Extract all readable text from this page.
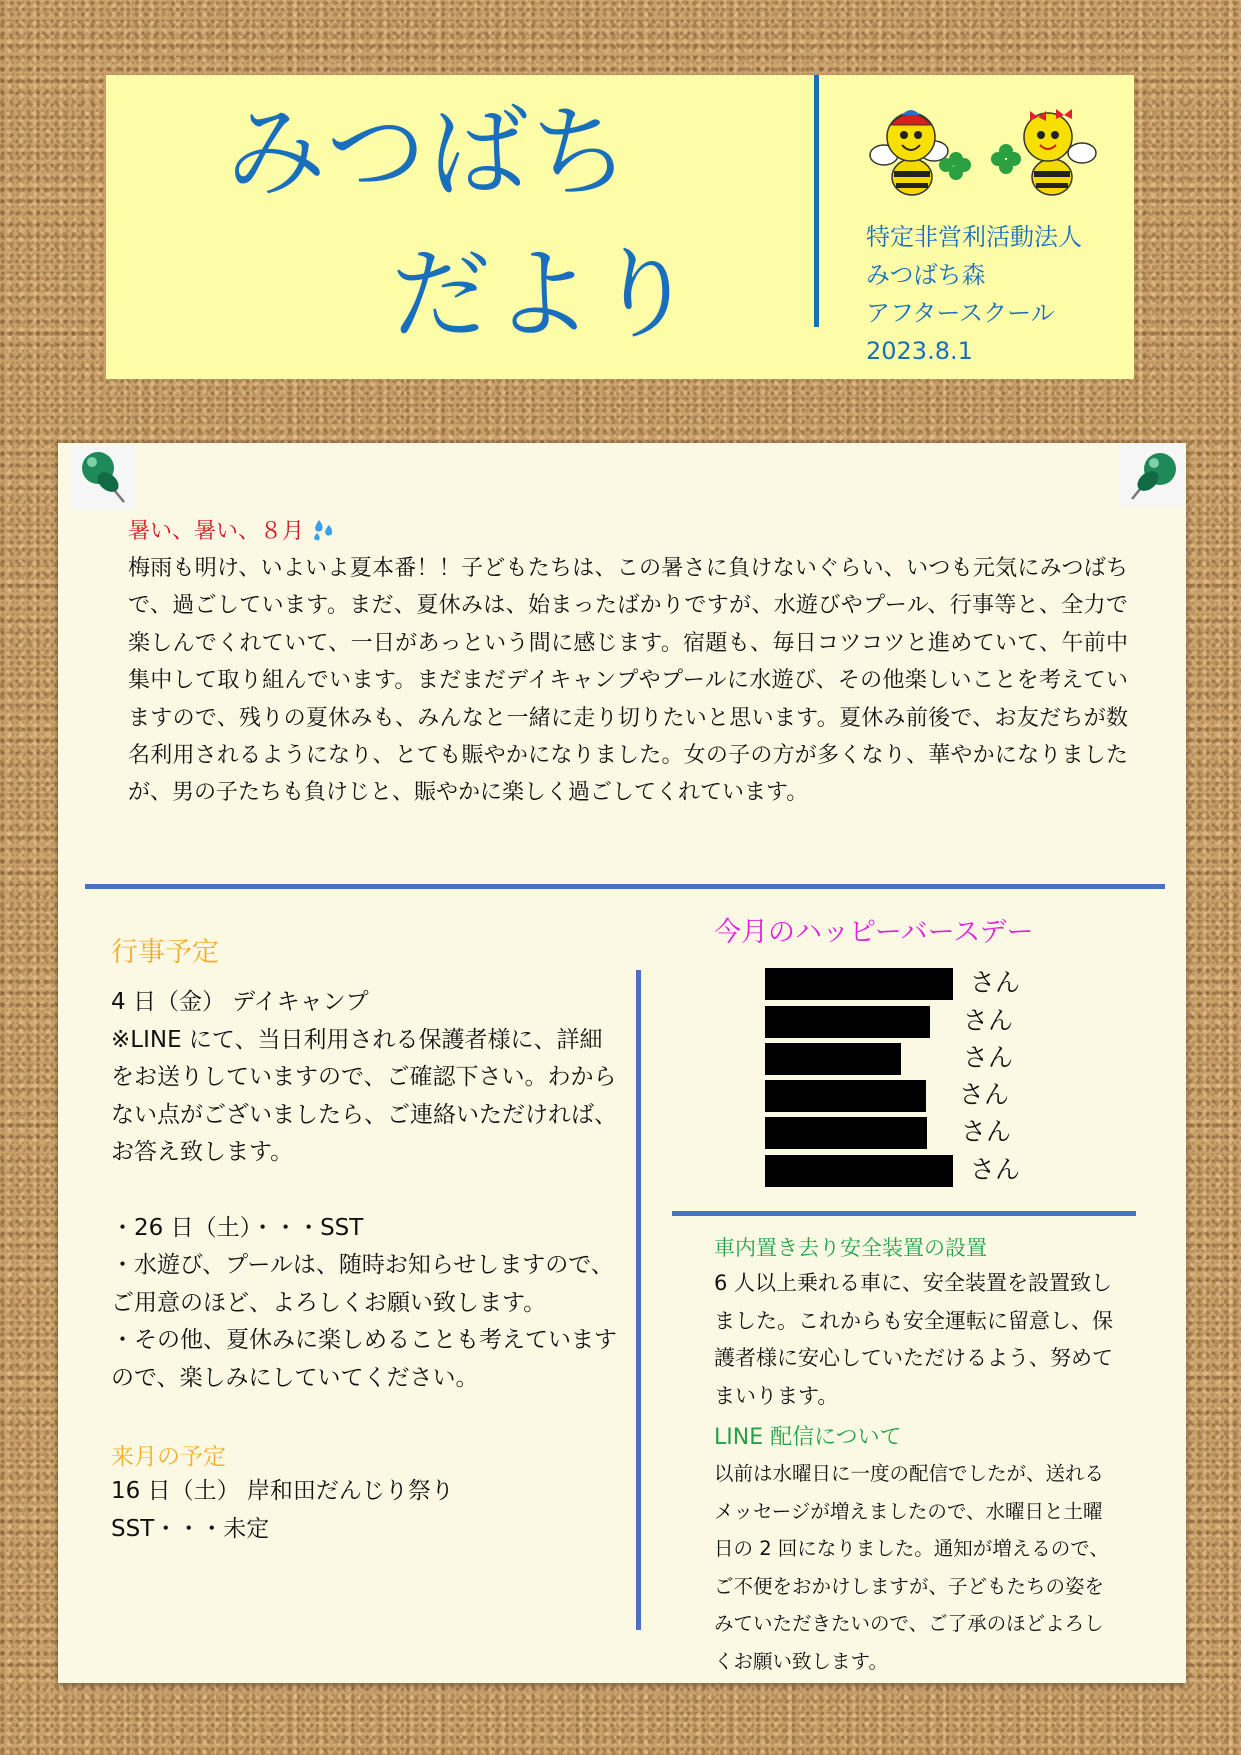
みつばち
だより	特定非営利活動法人
みつばち森
アフタースクール
2023.8.1
暑い、暑い、８月

梅雨も明け、いよいよ夏本番！！子どもたちは、この暑さに負けないぐらい、いつも元気にみつばちで、過ごしています。まだ、夏休みは、始まったばかりですが、水遊びやプール、行事等と、全力で楽しんでくれていて、一日があっという間に感じます。宿題も、毎日コツコツと進めていて、午前中集中して取り組んでいます。まだまだデイキャンプやプールに水遊び、その他楽しいことを考えていますので、残りの夏休みも、みんなと一緒に走り切りたいと思います。夏休み前後で、お友だちが数名利用されるようになり、とても賑やかになりました。女の子の方が多くなり、華やかになりましたが、男の子たちも負けじと、賑やかに楽しく過ごしてくれています。

行事予定
4 日（金） デイキャンプ
※LINE にて、当日利用される保護者様に、詳細をお送りしていますので、ご確認下さい。わからない点がございましたら、ご連絡いただければ、お答え致します。
・26 日（土）・・・SST
・水遊び、プールは、随時お知らせしますので、ご用意のほど、よろしくお願い致します。
・その他、夏休みに楽しめることも考えていますので、楽しみにしていてください。
来月の予定
16 日（土） 岸和田だんじり祭り
SST・・・未定
今月のハッピーバースデー
さん
さん
さん
さん
さん
さん
車内置き去り安全装置の設置

6 人以上乗れる車に、安全装置を設置致しました。これからも安全運転に留意し、保護者様に安心していただけるよう、努めてまいります。

LINE 配信について

以前は水曜日に一度の配信でしたが、送れるメッセージが増えましたので、水曜日と土曜日の 2 回になりました。通知が増えるので、ご不便をおかけしますが、子どもたちの姿をみていただきたいので、ご了承のほどよろしくお願い致します。
